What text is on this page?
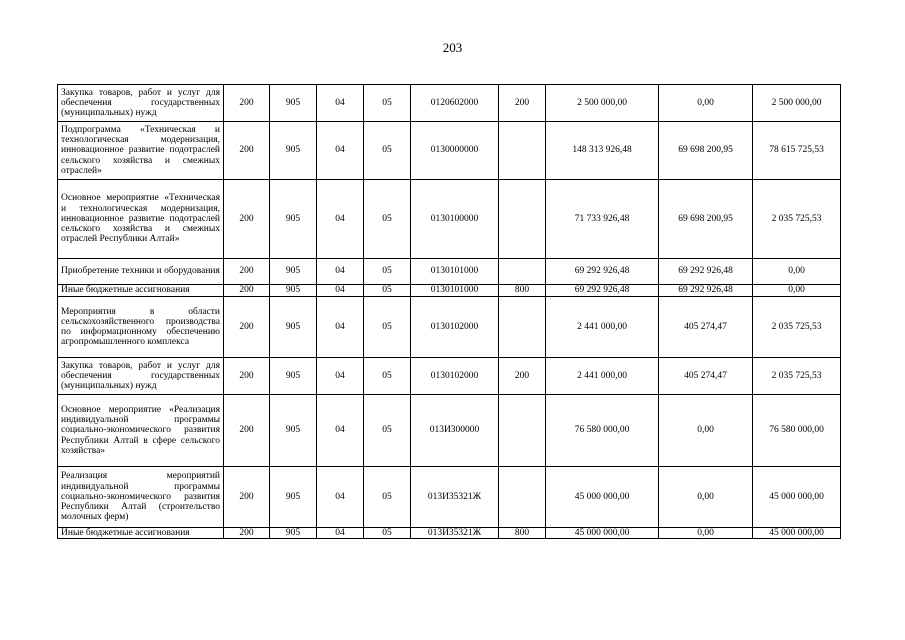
203
Закупка товаров, работ и услуг для обеспечения государственных (муниципальных) нужд	200	905	04	05	0120602000	200	2 500 000,00	0,00	2 500 000,00
Подпрограмма «Техническая и технологическая модернизация, инновационное развитие подотраслей сельского хозяйства и смежных отраслей»	200	905	04	05	0130000000		148 313 926,48	69 698 200,95	78 615 725,53
Основное мероприятие «Техническая и технологическая модернизация, инновационное развитие подотраслей сельского хозяйства и смежных отраслей Республики Алтай»	200	905	04	05	0130100000		71 733 926,48	69 698 200,95	2 035 725,53
Приобретение техники и оборудования	200	905	04	05	0130101000		69 292 926,48	69 292 926,48	0,00
Иные бюджетные ассигнования	200	905	04	05	0130101000	800	69 292 926,48	69 292 926,48	0,00
Мероприятия в области сельскохозяйственного производства по информационному обеспечению агропромышленного комплекса	200	905	04	05	0130102000		2 441 000,00	405 274,47	2 035 725,53
Закупка товаров, работ и услуг для обеспечения государственных (муниципальных) нужд	200	905	04	05	0130102000	200	2 441 000,00	405 274,47	2 035 725,53
Основное мероприятие «Реализация индивидуальной программы социально-экономического развития Республики Алтай в сфере сельского хозяйства»	200	905	04	05	013И300000		76 580 000,00	0,00	76 580 000,00
Реализация мероприятий индивидуальной программы социально-экономического развития Республики Алтай (строительство молочных ферм)	200	905	04	05	013И35321Ж		45 000 000,00	0,00	45 000 000,00
Иные бюджетные ассигнования	200	905	04	05	013И35321Ж	800	45 000 000,00	0,00	45 000 000,00
